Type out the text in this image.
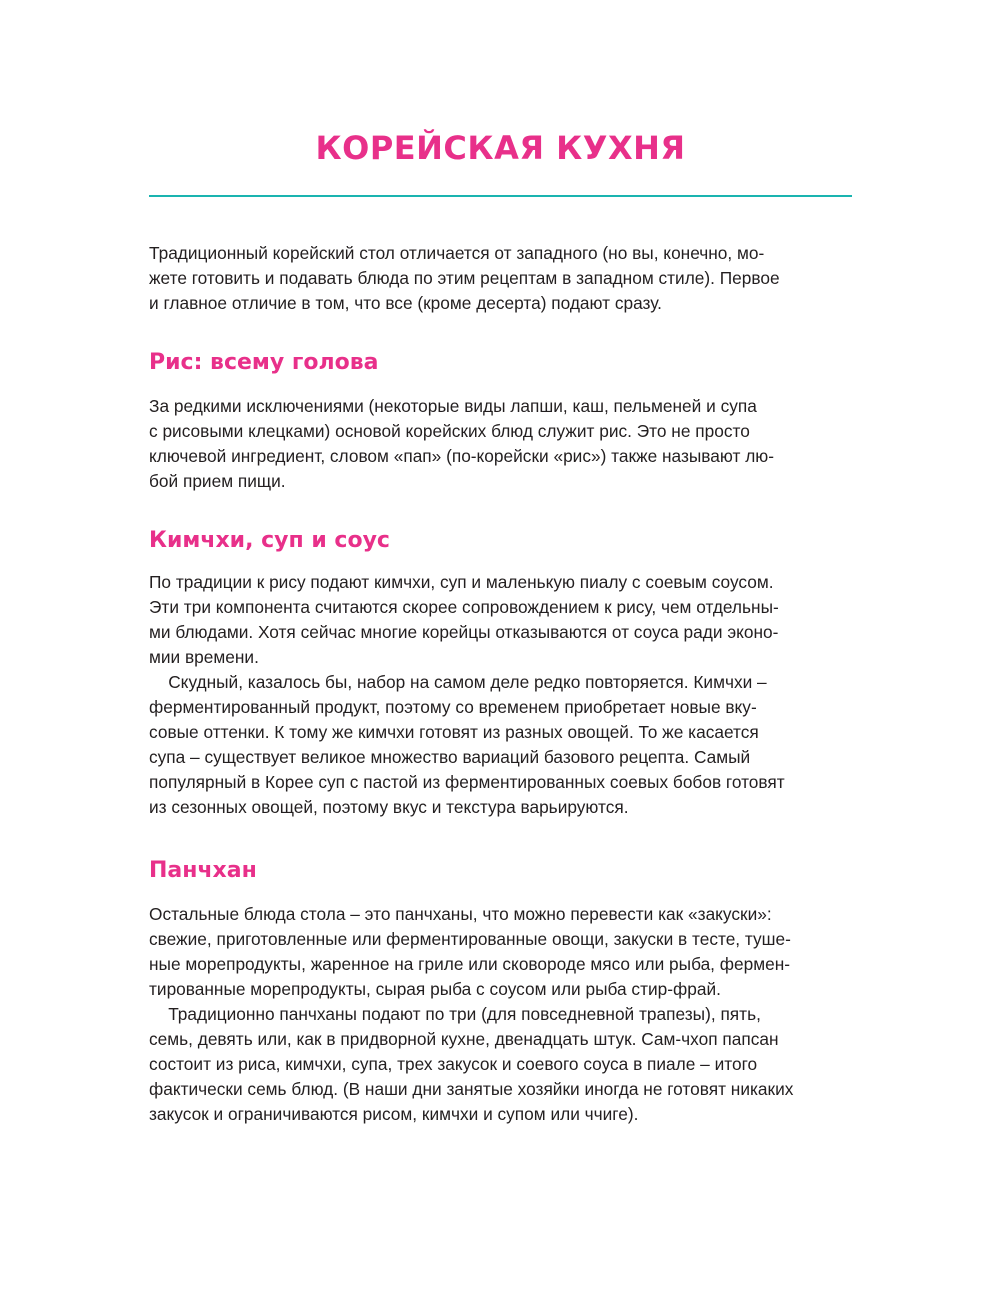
КОРЕЙСКАЯ КУХНЯ

Традиционный корейский стол отличается от западного (но вы, конечно, мо-
жете готовить и подавать блюда по этим рецептам в западном стиле). Первое
и главное отличие в том, что все (кроме десерта) подают сразу.

Рис: всему голова

За редкими исключениями (некоторые виды лапши, каш, пельменей и супа
с рисовыми клецками) основой корейских блюд служит рис. Это не просто
ключевой ингредиент, словом «пап» (по-корейски «рис») также называют лю-
бой прием пищи.

Кимчхи, суп и соус

По традиции к рису подают кимчхи, суп и маленькую пиалу с соевым соусом.
Эти три компонента считаются скорее сопровождением к рису, чем отдельны-
ми блюдами. Хотя сейчас многие корейцы отказываются от соуса ради эконо-
мии времени.

Скудный, казалось бы, набор на самом деле редко повторяется. Кимчхи –
ферментированный продукт, поэтому со временем приобретает новые вку-
совые оттенки. К тому же кимчхи готовят из разных овощей. То же касается
супа – существует великое множество вариаций базового рецепта. Самый
популярный в Корее суп с пастой из ферментированных соевых бобов готовят
из сезонных овощей, поэтому вкус и текстура варьируются.

Панчхан

Остальные блюда стола – это панчханы, что можно перевести как «закуски»:
свежие, приготовленные или ферментированные овощи, закуски в тесте, туше-
ные морепродукты, жаренное на гриле или сковороде мясо или рыба, фермен-
тированные морепродукты, сырая рыба с соусом или рыба стир-фрай.

Традиционно панчханы подают по три (для повседневной трапезы), пять,
семь, девять или, как в придворной кухне, двенадцать штук. Сам-чхоп папсан
состоит из риса, кимчхи, супа, трех закусок и соевого соуса в пиале – итого
фактически семь блюд. (В наши дни занятые хозяйки иногда не готовят никаких
закусок и ограничиваются рисом, кимчхи и супом или ччиге).
